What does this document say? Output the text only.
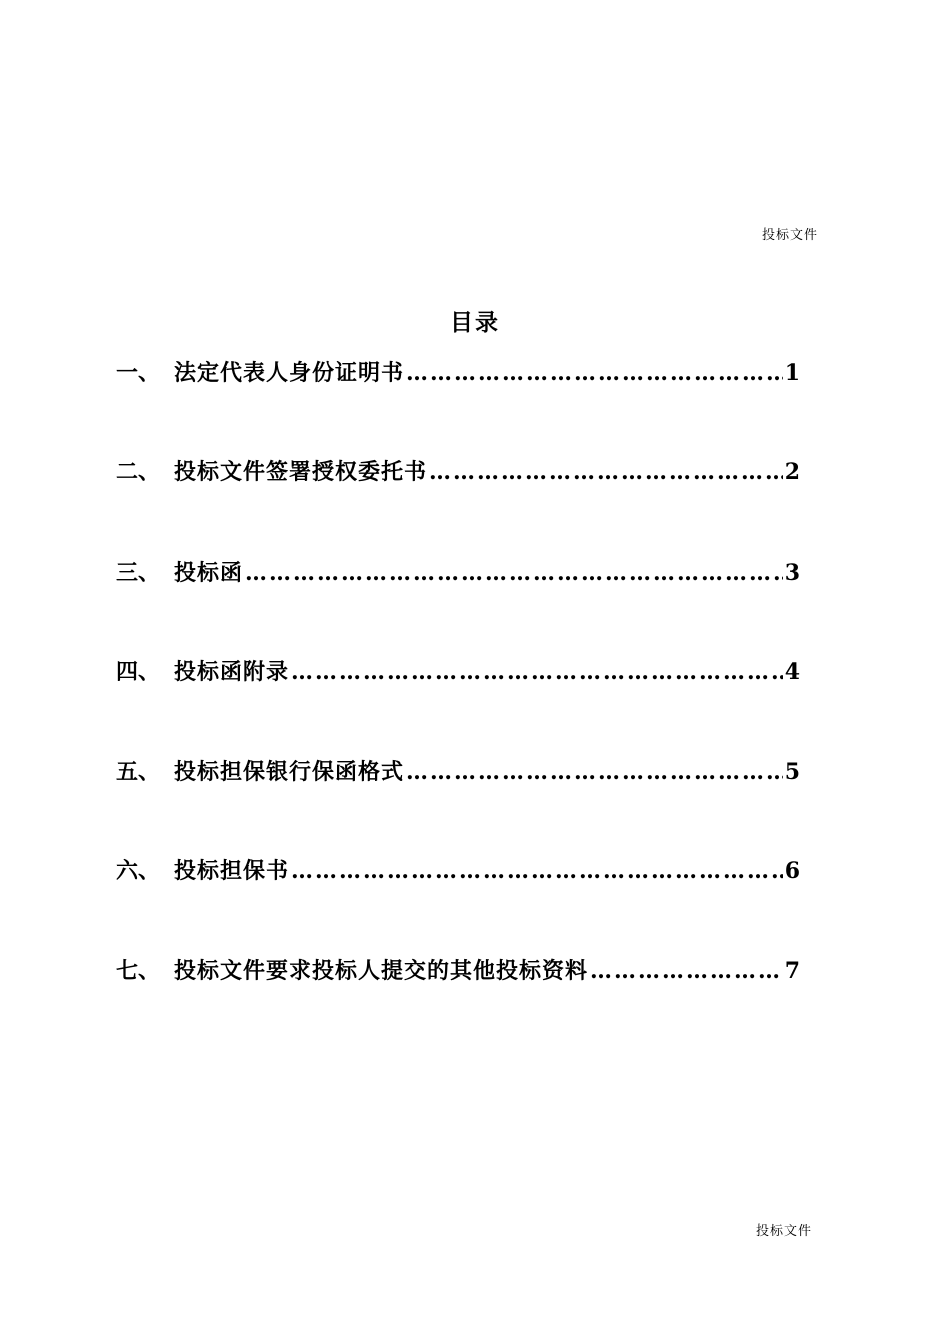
投标文件
目录
一、 法定代表人身份证明书 ………………………………………………………………………………………………………………………………	1
二、 投标文件签署授权委托书 ………………………………………………………………………………………………………………………………	2
三、 投标函 ………………………………………………………………………………………………………………………………	3
四、 投标函附录 ………………………………………………………………………………………………………………………………	4
五、 投标担保银行保函格式 ………………………………………………………………………………………………………………………………	5
六、 投标担保书 ………………………………………………………………………………………………………………………………	6
七、 投标文件要求投标人提交的其他投标资料 ………………………………………………………………………………………………………………………………	7
投标文件
